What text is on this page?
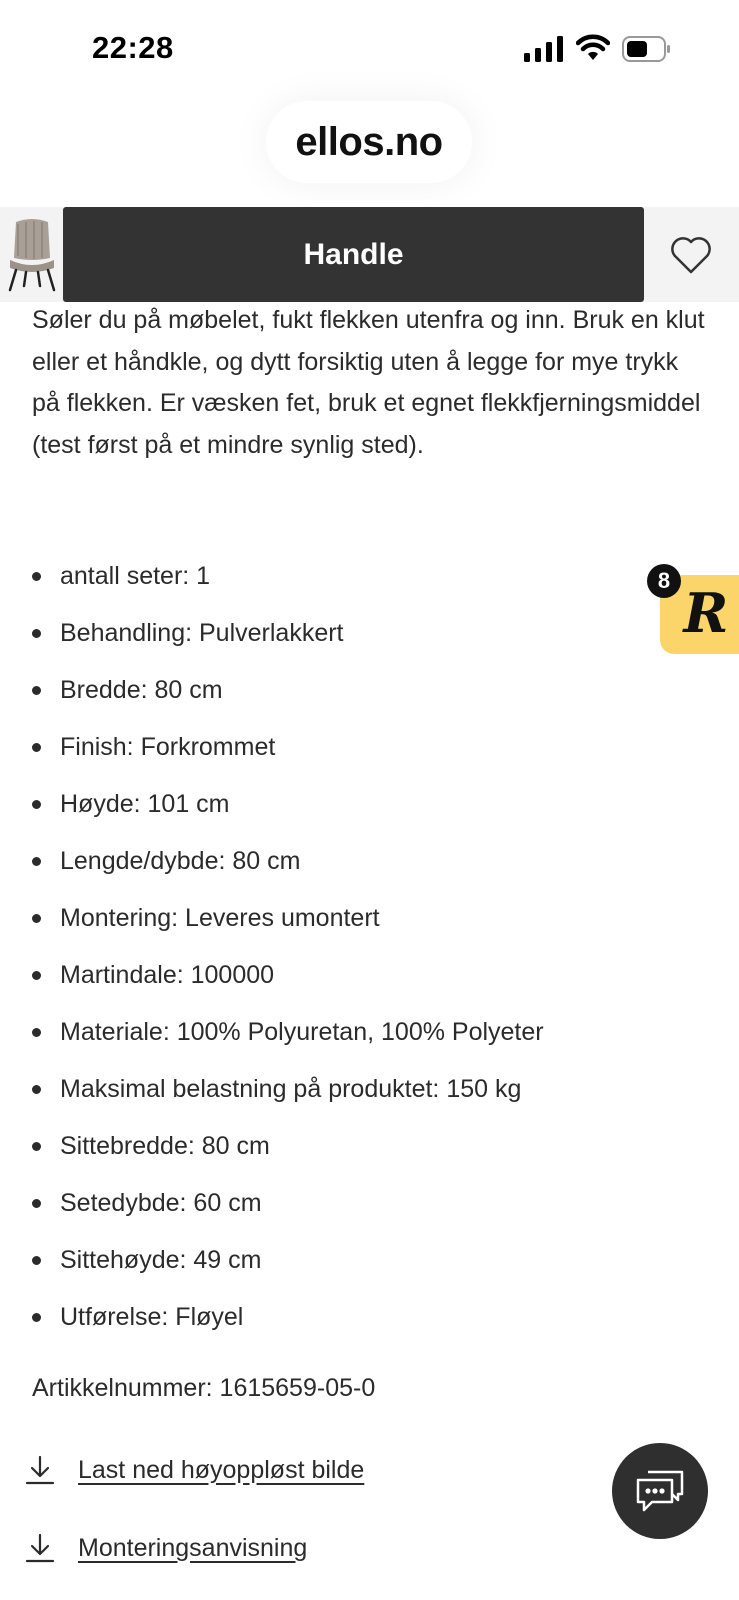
22:28
ellos.no
Handle

Søler du på møbelet, fukt flekken utenfra og inn. Bruk en klut eller et håndkle, og dytt forsiktig uten å legge for mye trykk på flekken. Er væsken fet, bruk et egnet flekkfjerningsmiddel (test først på et mindre synlig sted).

antall seter: 1
Behandling: Pulverlakkert
Bredde: 80 cm
Finish: Forkrommet
Høyde: 101 cm
Lengde/dybde: 80 cm
Montering: Leveres umontert
Martindale: 100000
Materiale: 100% Polyuretan, 100% Polyeter
Maksimal belastning på produktet: 150 kg
Sittebredde: 80 cm
Setedybde: 60 cm
Sittehøyde: 49 cm
Utførelse: Fløyel
Artikkelnummer: 1615659-05-0
Last ned høyoppløst bilde
Monteringsanvisning
R
8
